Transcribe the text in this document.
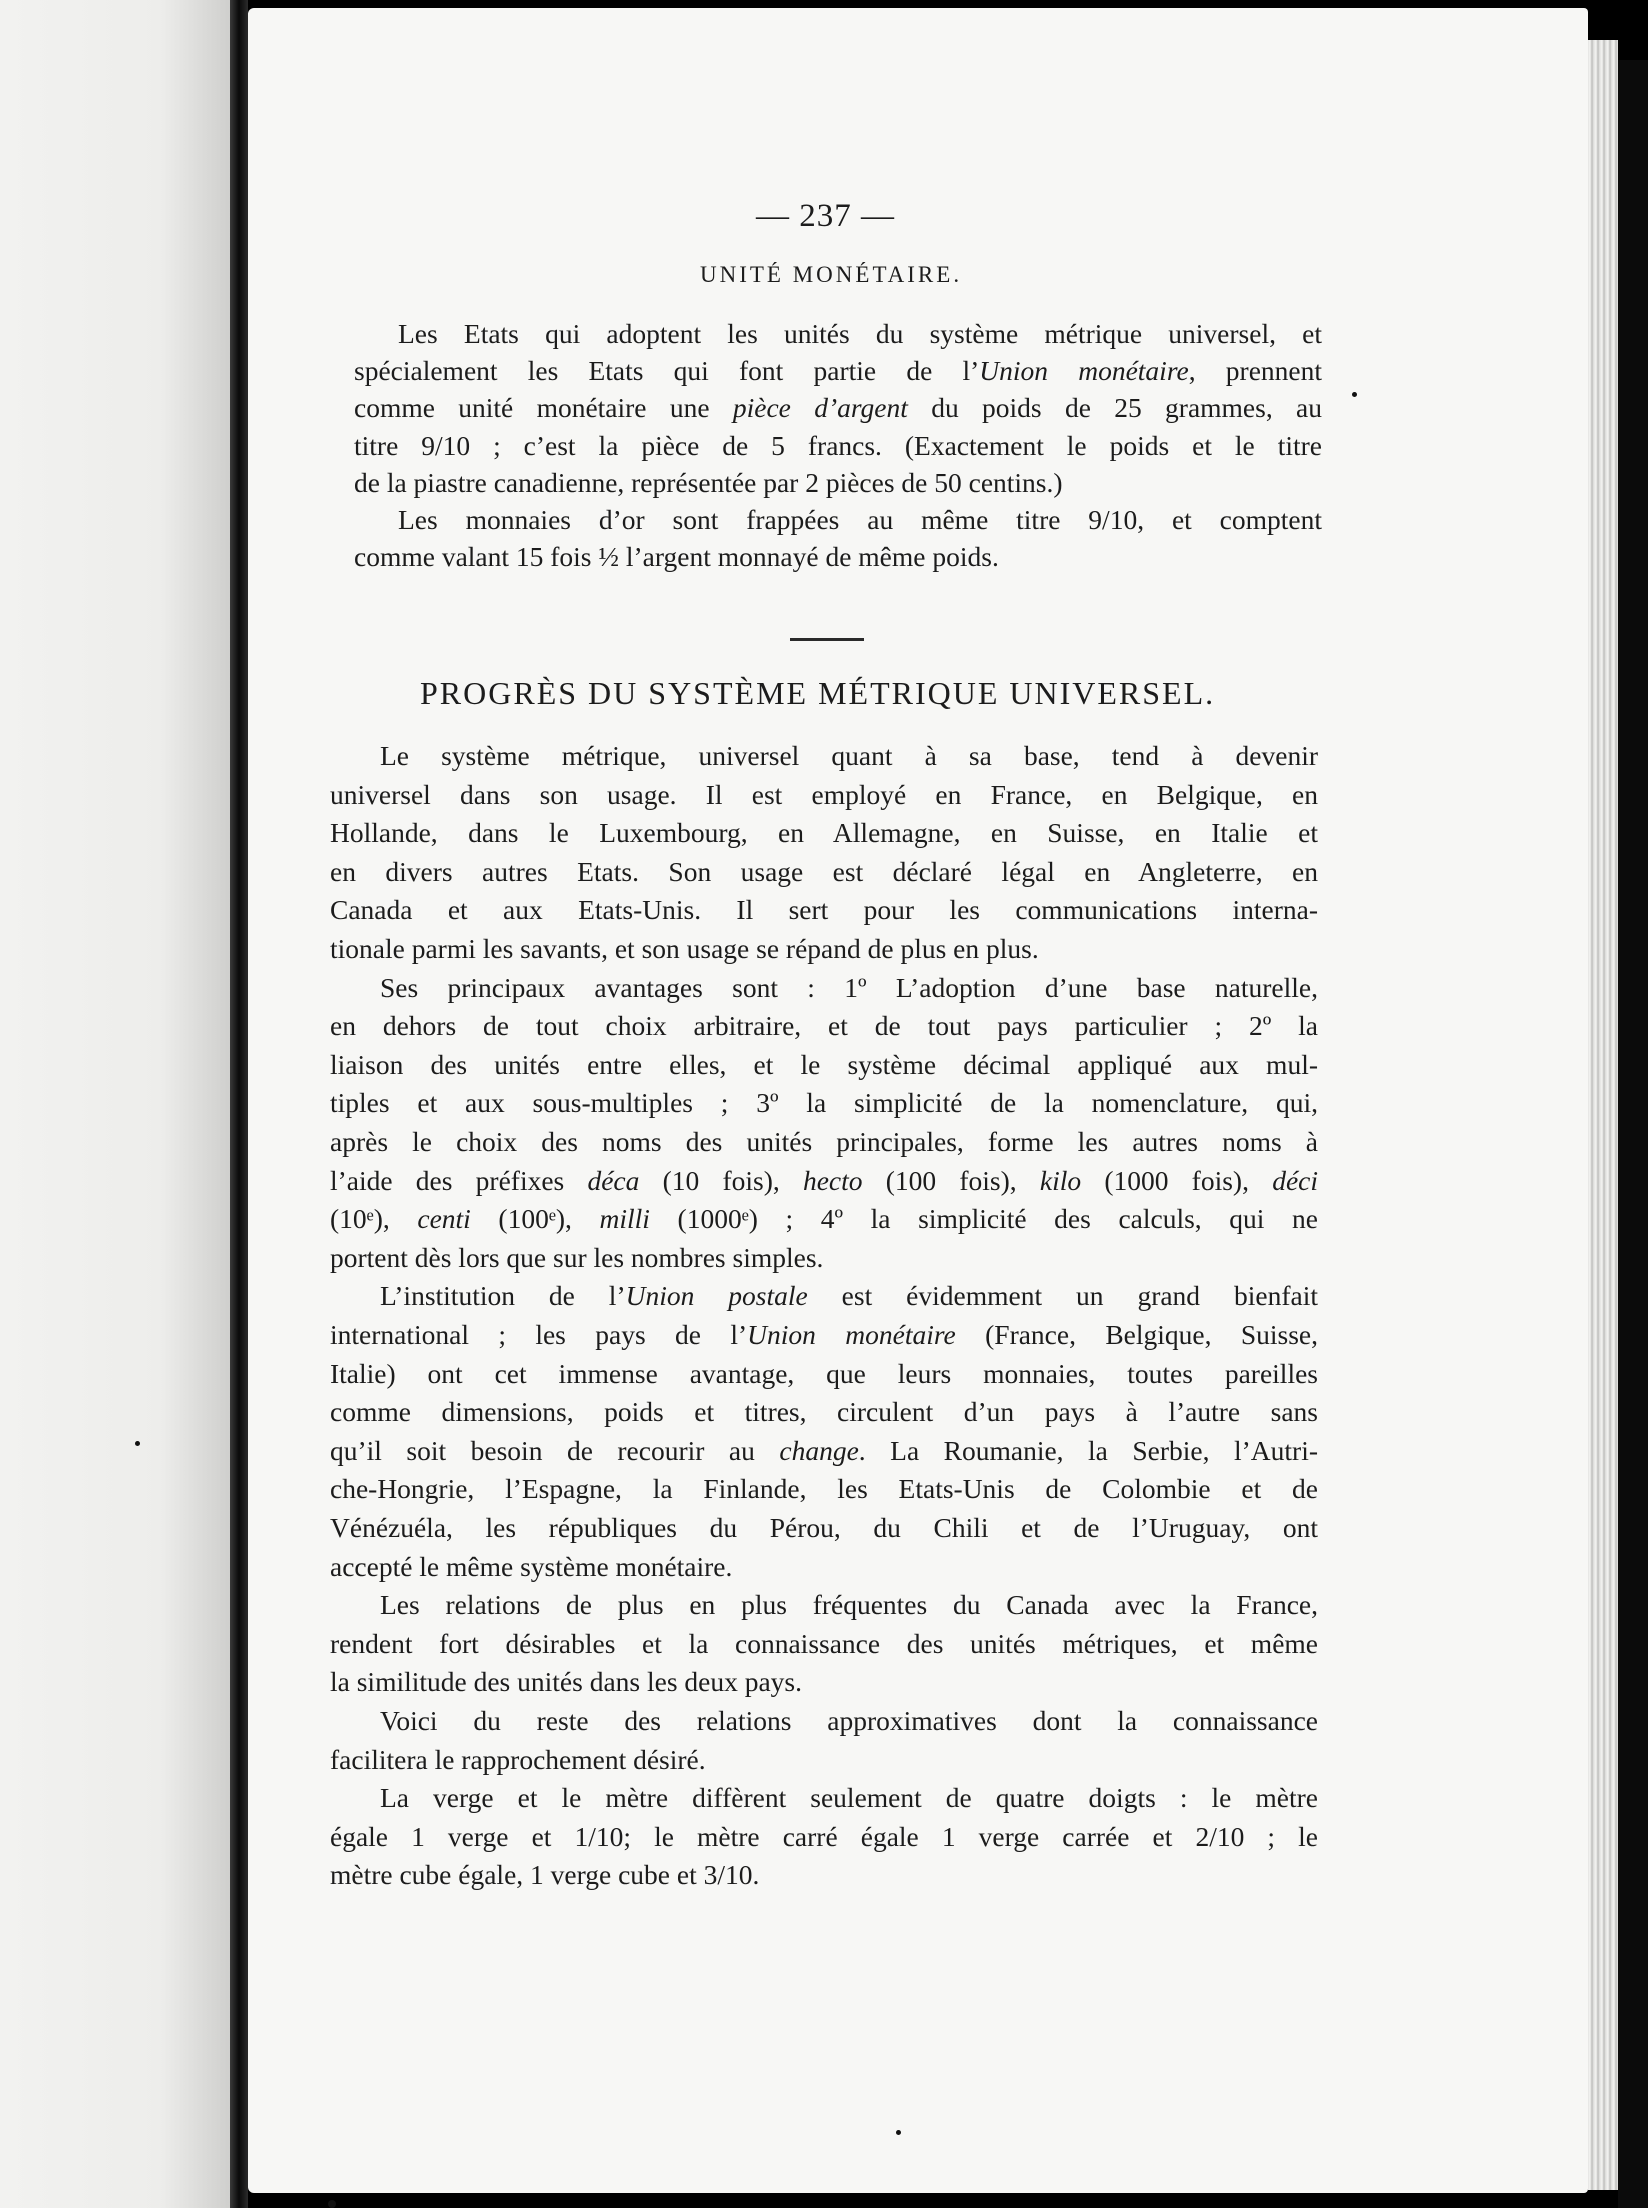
— 237 —
UNITÉ MONÉTAIRE.
Les Etats qui adoptent les unités du système métrique universel, et
spécialement les Etats qui font partie de l’Union monétaire, prennent
comme unité monétaire une pièce d’argent du poids de 25 grammes, au
titre 9/10 ; c’est la pièce de 5 francs. (Exactement le poids et le titre
de la piastre canadienne, représentée par 2 pièces de 50 centins.)
Les monnaies d’or sont frappées au même titre 9/10, et comptent
comme valant 15 fois ½ l’argent monnayé de même poids.
PROGRÈS DU SYSTÈME MÉTRIQUE UNIVERSEL.
Le système métrique, universel quant à sa base, tend à devenir
universel dans son usage. Il est employé en France, en Belgique, en
Hollande, dans le Luxembourg, en Allemagne, en Suisse, en Italie et
en divers autres Etats. Son usage est déclaré légal en Angleterre, en
Canada et aux Etats-Unis. Il sert pour les communications interna-
tionale parmi les savants, et son usage se répand de plus en plus.
Ses principaux avantages sont : 1º L’adoption d’une base naturelle,
en dehors de tout choix arbitraire, et de tout pays particulier ; 2º la
liaison des unités entre elles, et le système décimal appliqué aux mul-
tiples et aux sous-multiples ; 3º la simplicité de la nomenclature, qui,
après le choix des noms des unités principales, forme les autres noms à
l’aide des préfixes déca (10 fois), hecto (100 fois), kilo (1000 fois), déci
(10ᵉ), centi (100ᵉ), milli (1000ᵉ) ; 4º la simplicité des calculs, qui ne
portent dès lors que sur les nombres simples.
L’institution de l’Union postale est évidemment un grand bienfait
international ; les pays de l’Union monétaire (France, Belgique, Suisse,
Italie) ont cet immense avantage, que leurs monnaies, toutes pareilles
comme dimensions, poids et titres, circulent d’un pays à l’autre sans
qu’il soit besoin de recourir au change. La Roumanie, la Serbie, l’Autri-
che-Hongrie, l’Espagne, la Finlande, les Etats-Unis de Colombie et de
Vénézuéla, les républiques du Pérou, du Chili et de l’Uruguay, ont
accepté le même système monétaire.
Les relations de plus en plus fréquentes du Canada avec la France,
rendent fort désirables et la connaissance des unités métriques, et même
la similitude des unités dans les deux pays.
Voici du reste des relations approximatives dont la connaissance
facilitera le rapprochement désiré.
La verge et le mètre diffèrent seulement de quatre doigts : le mètre
égale 1 verge et 1/10; le mètre carré égale 1 verge carrée et 2/10 ; le
mètre cube égale, 1 verge cube et 3/10.
